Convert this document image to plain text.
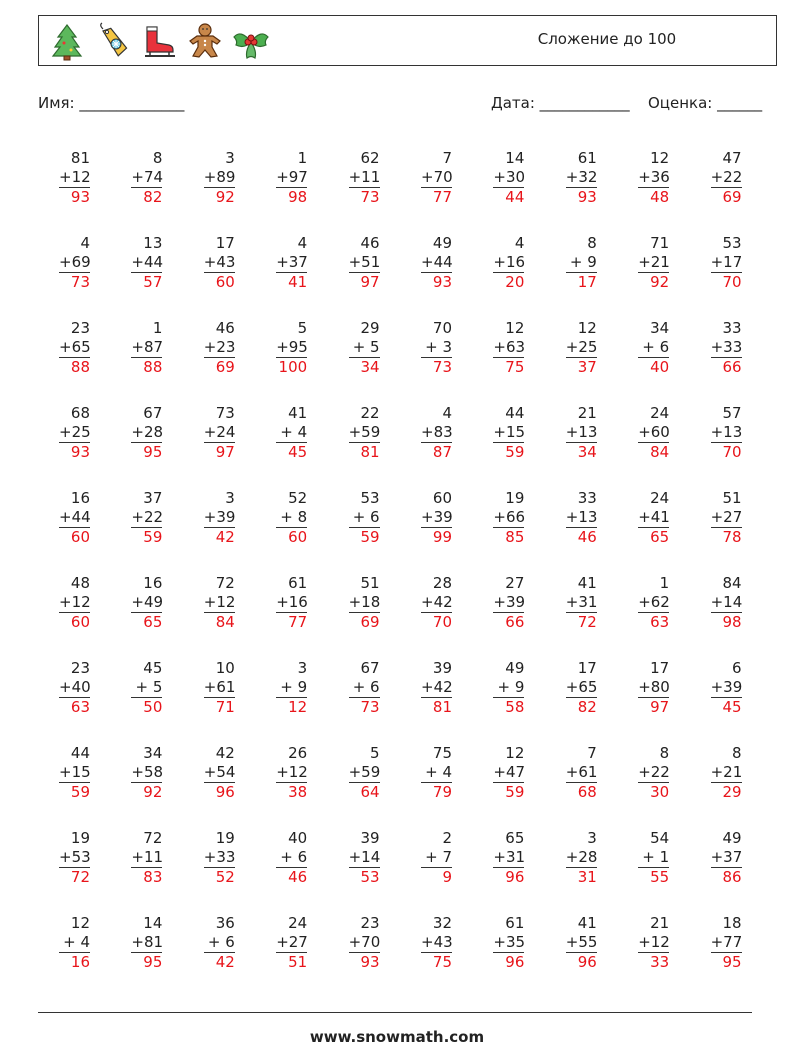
Сложение до 100
Имя: ______________	Дата: ____________ Оценка: ______
81
+12
93
8
+74
82
3
+89
92
1
+97
98
62
+11
73
7
+70
77
14
+30
44
61
+32
93
12
+36
48
47
+22
69
4
+69
73
13
+44
57
17
+43
60
4
+37
41
46
+51
97
49
+44
93
4
+16
20
8
+ 9
17
71
+21
92
53
+17
70
23
+65
88
1
+87
88
46
+23
69
5
+95
100
29
+ 5
34
70
+ 3
73
12
+63
75
12
+25
37
34
+ 6
40
33
+33
66
68
+25
93
67
+28
95
73
+24
97
41
+ 4
45
22
+59
81
4
+83
87
44
+15
59
21
+13
34
24
+60
84
57
+13
70
16
+44
60
37
+22
59
3
+39
42
52
+ 8
60
53
+ 6
59
60
+39
99
19
+66
85
33
+13
46
24
+41
65
51
+27
78
48
+12
60
16
+49
65
72
+12
84
61
+16
77
51
+18
69
28
+42
70
27
+39
66
41
+31
72
1
+62
63
84
+14
98
23
+40
63
45
+ 5
50
10
+61
71
3
+ 9
12
67
+ 6
73
39
+42
81
49
+ 9
58
17
+65
82
17
+80
97
6
+39
45
44
+15
59
34
+58
92
42
+54
96
26
+12
38
5
+59
64
75
+ 4
79
12
+47
59
7
+61
68
8
+22
30
8
+21
29
19
+53
72
72
+11
83
19
+33
52
40
+ 6
46
39
+14
53
2
+ 7
9
65
+31
96
3
+28
31
54
+ 1
55
49
+37
86
12
+ 4
16
14
+81
95
36
+ 6
42
24
+27
51
23
+70
93
32
+43
75
61
+35
96
41
+55
96
21
+12
33
18
+77
95
www.snowmath.com
